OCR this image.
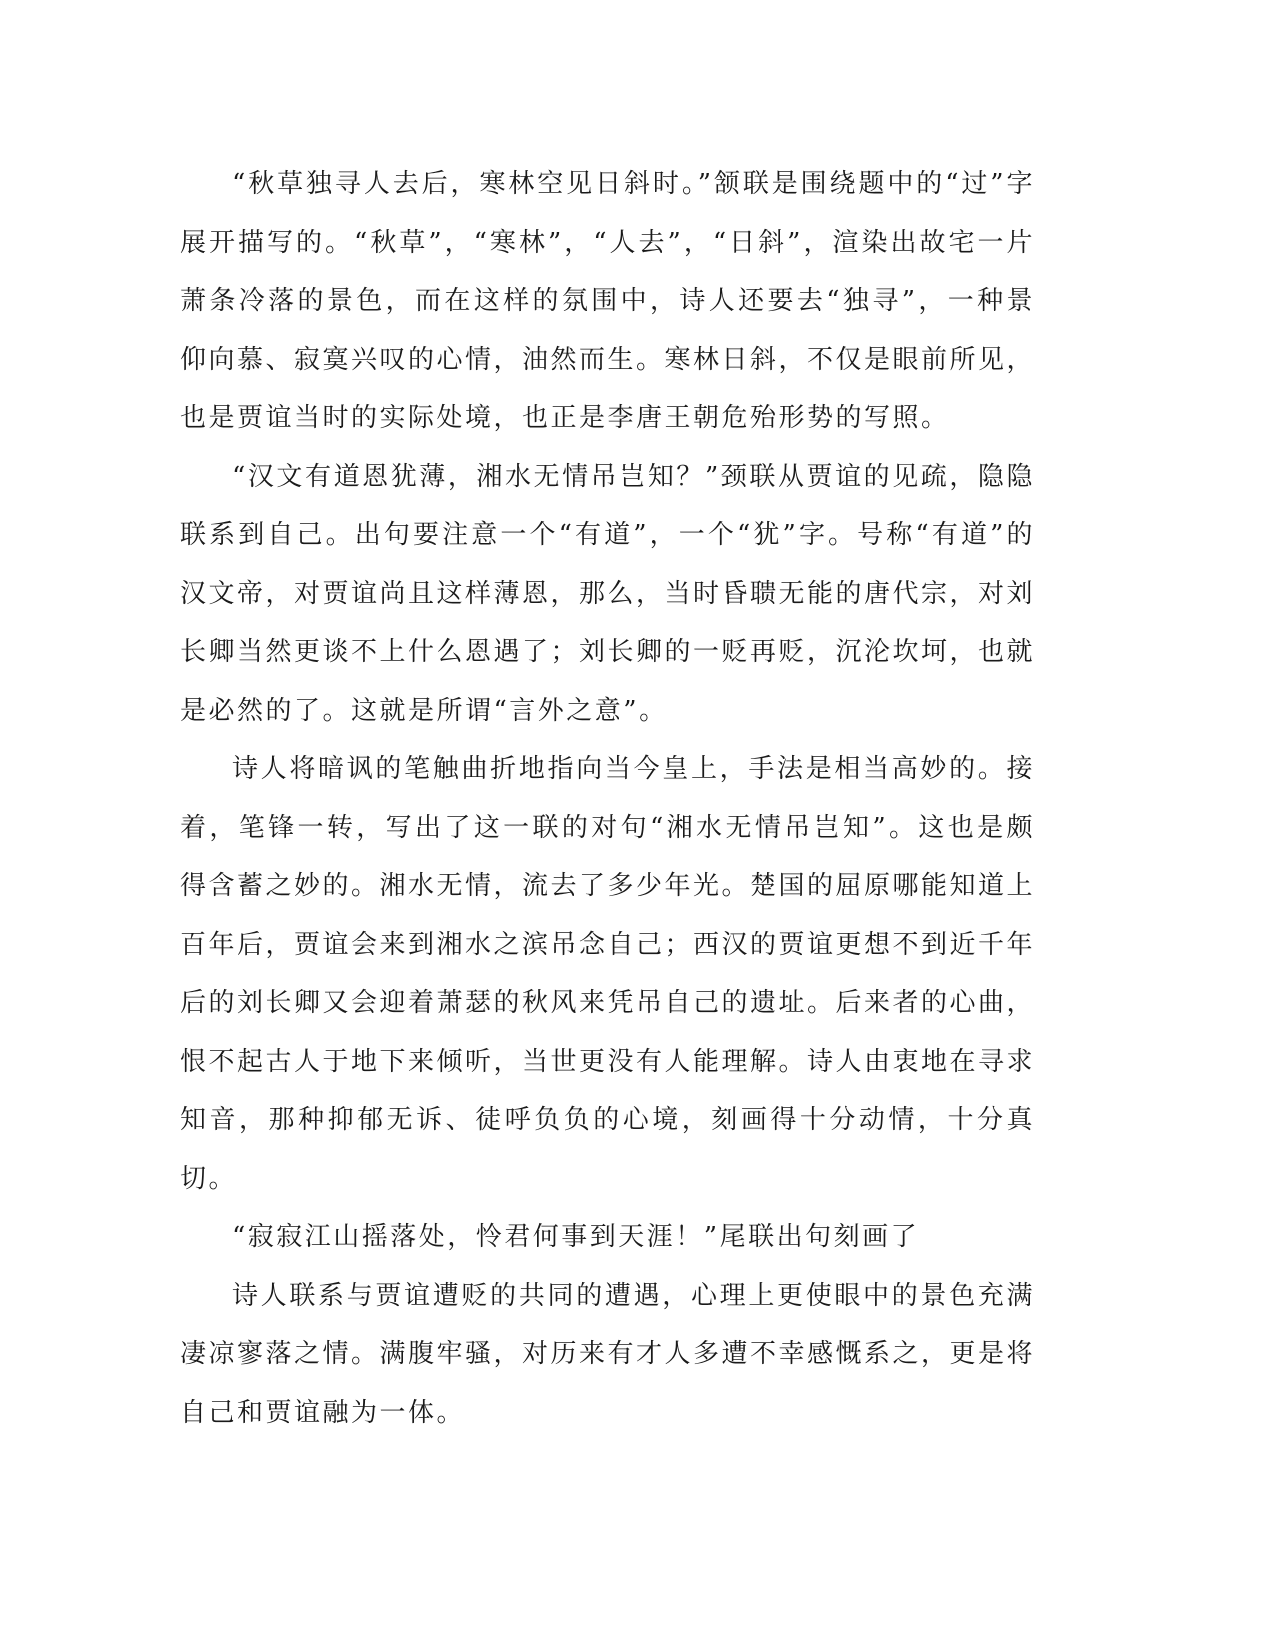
“秋草独寻人去后，寒林空见日斜时。”颔联是围绕题中的“过”字展开描写的。“秋草”，“寒林”，“人去”，“日斜”，渲染出故宅一片萧条冷落的景色，而在这样的氛围中，诗人还要去“独寻”，一种景仰向慕、寂寞兴叹的心情，油然而生。寒林日斜，不仅是眼前所见，也是贾谊当时的实际处境，也正是李唐王朝危殆形势的写照。

“汉文有道恩犹薄，湘水无情吊岂知？”颈联从贾谊的见疏，隐隐联系到自己。出句要注意一个“有道”，一个“犹”字。号称“有道”的汉文帝，对贾谊尚且这样薄恩，那么，当时昏聩无能的唐代宗，对刘长卿当然更谈不上什么恩遇了；刘长卿的一贬再贬，沉沦坎坷，也就是必然的了。这就是所谓“言外之意”。

诗人将暗讽的笔触曲折地指向当今皇上，手法是相当高妙的。接着，笔锋一转，写出了这一联的对句“湘水无情吊岂知”。这也是颇得含蓄之妙的。湘水无情，流去了多少年光。楚国的屈原哪能知道上百年后，贾谊会来到湘水之滨吊念自己；西汉的贾谊更想不到近千年后的刘长卿又会迎着萧瑟的秋风来凭吊自己的遗址。后来者的心曲，恨不起古人于地下来倾听，当世更没有人能理解。诗人由衷地在寻求知音，那种抑郁无诉、徒呼负负的心境，刻画得十分动情，十分真切。

“寂寂江山摇落处，怜君何事到天涯！”尾联出句刻画了

诗人联系与贾谊遭贬的共同的遭遇，心理上更使眼中的景色充满凄凉寥落之情。满腹牢骚，对历来有才人多遭不幸感慨系之，更是将自己和贾谊融为一体。
